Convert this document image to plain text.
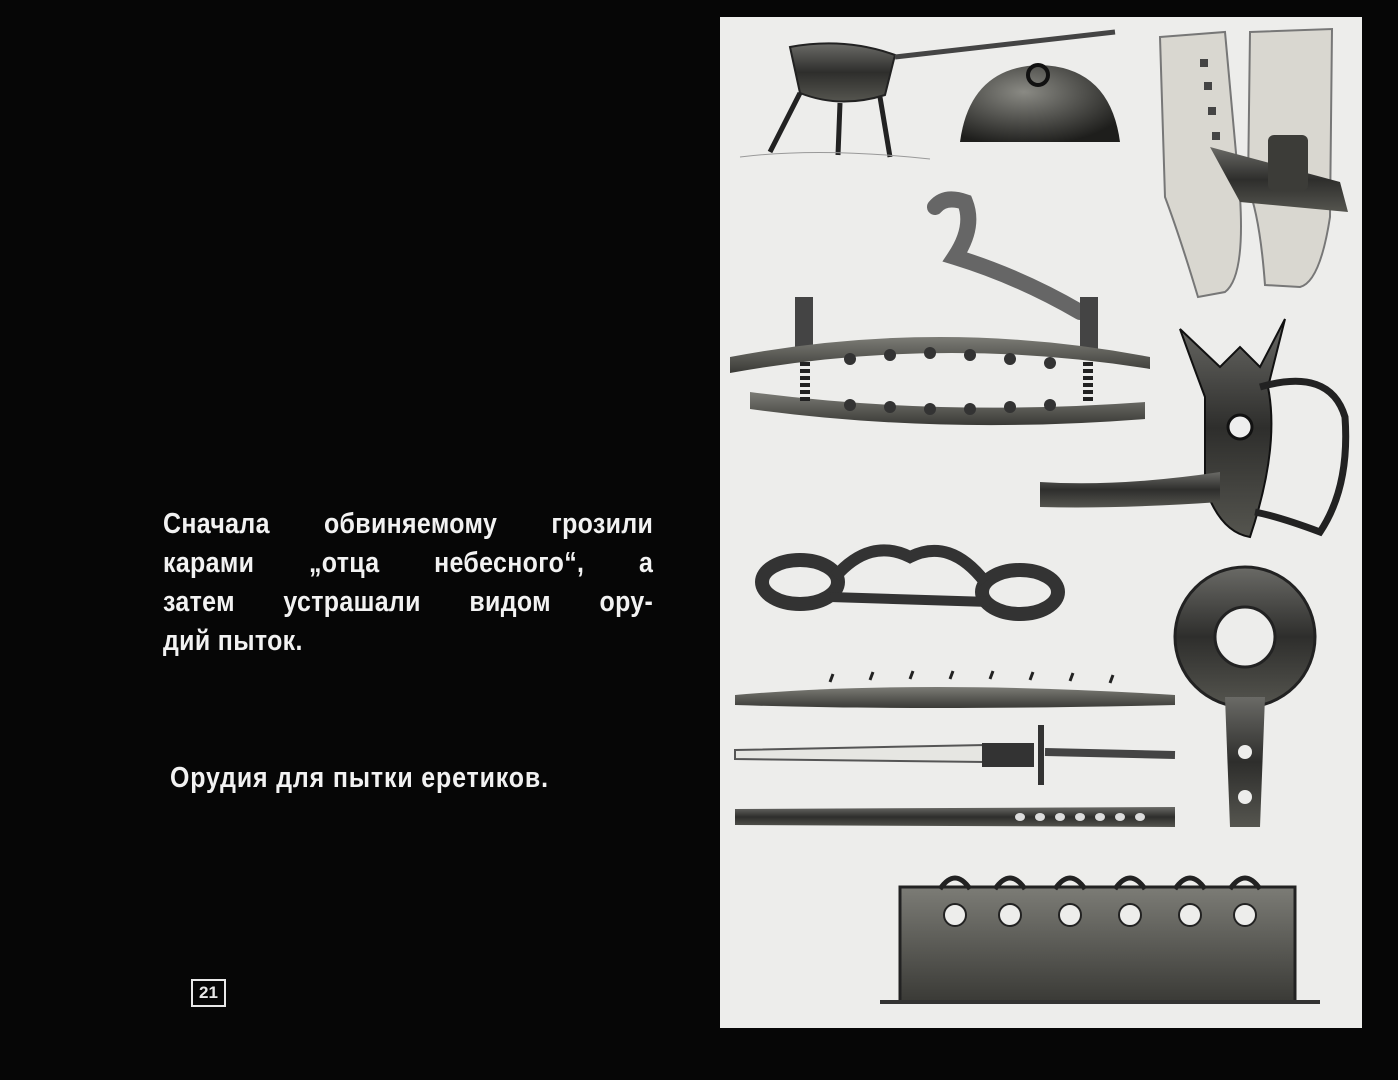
Сначала обвиняемому грозили
карами „отца небесного“, а
затем устрашали видом ору-
дий пыток.
Орудия для пытки еретиков.
21
